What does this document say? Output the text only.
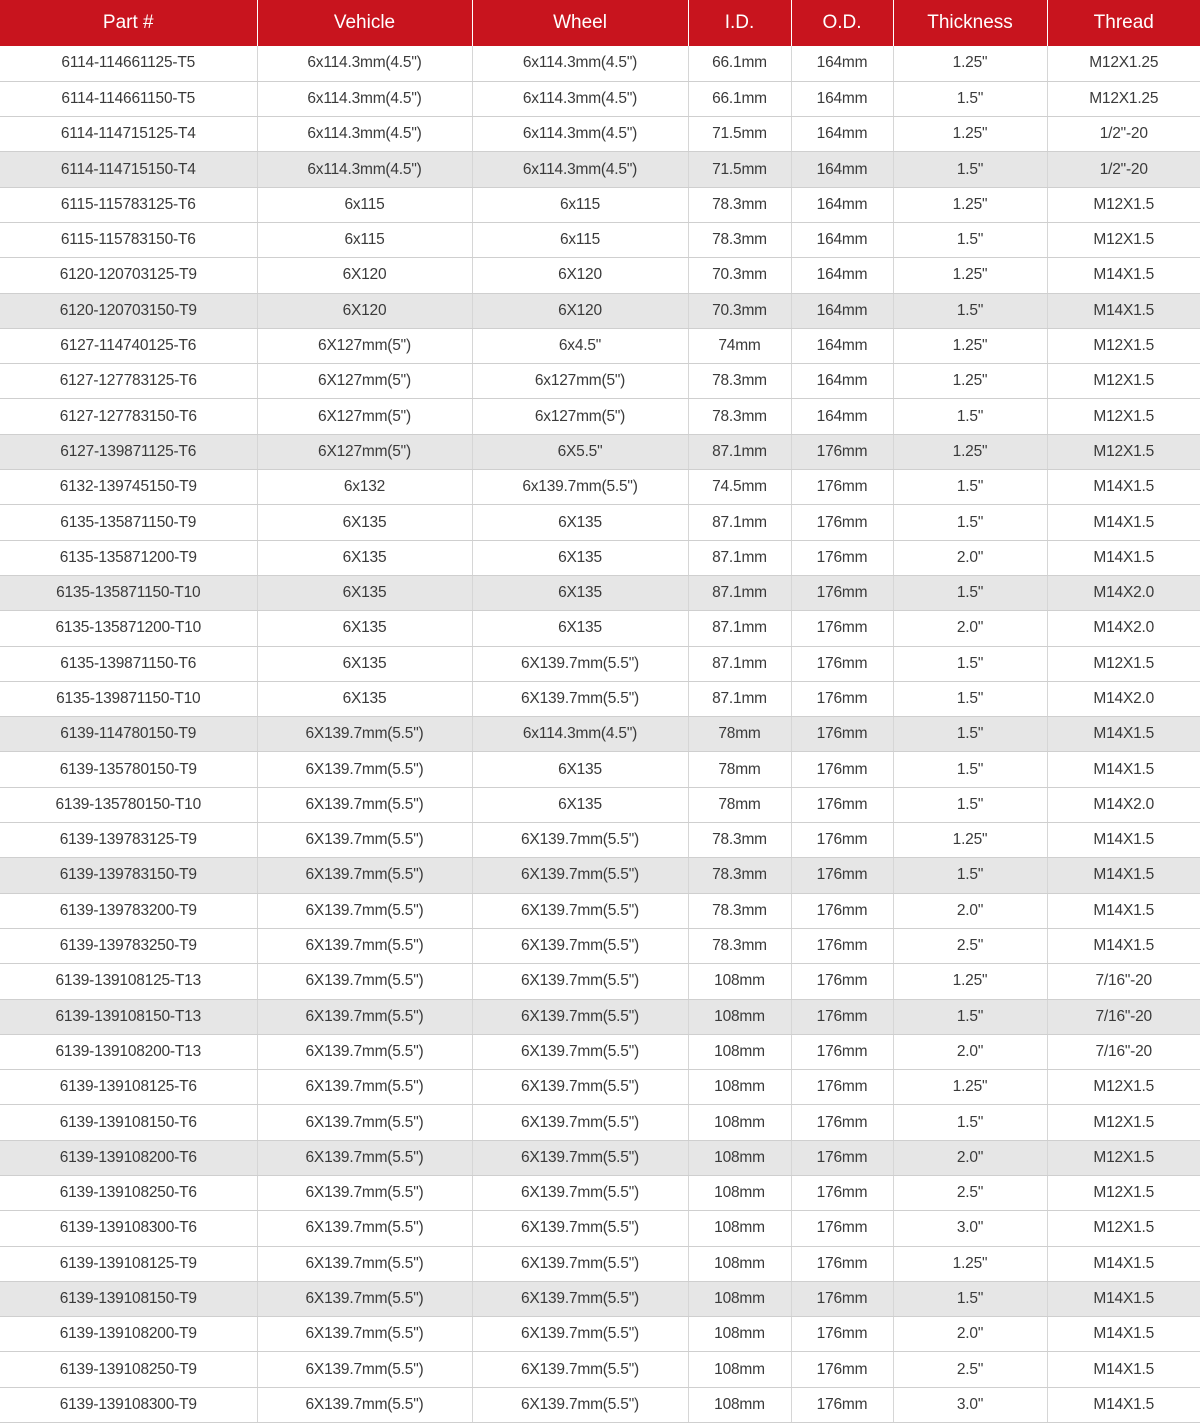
Part #	Vehicle	Wheel	I.D.	O.D.	Thickness	Thread
6114-114661125-T5	6x114.3mm(4.5")	6x114.3mm(4.5")	66.1mm	164mm	1.25"	M12X1.25
6114-114661150-T5	6x114.3mm(4.5")	6x114.3mm(4.5")	66.1mm	164mm	1.5"	M12X1.25
6114-114715125-T4	6x114.3mm(4.5")	6x114.3mm(4.5")	71.5mm	164mm	1.25"	1/2"-20
6114-114715150-T4	6x114.3mm(4.5")	6x114.3mm(4.5")	71.5mm	164mm	1.5"	1/2"-20
6115-115783125-T6	6x115	6x115	78.3mm	164mm	1.25"	M12X1.5
6115-115783150-T6	6x115	6x115	78.3mm	164mm	1.5"	M12X1.5
6120-120703125-T9	6X120	6X120	70.3mm	164mm	1.25"	M14X1.5
6120-120703150-T9	6X120	6X120	70.3mm	164mm	1.5"	M14X1.5
6127-114740125-T6	6X127mm(5")	6x4.5"	74mm	164mm	1.25"	M12X1.5
6127-127783125-T6	6X127mm(5")	6x127mm(5")	78.3mm	164mm	1.25"	M12X1.5
6127-127783150-T6	6X127mm(5")	6x127mm(5")	78.3mm	164mm	1.5"	M12X1.5
6127-139871125-T6	6X127mm(5")	6X5.5"	87.1mm	176mm	1.25"	M12X1.5
6132-139745150-T9	6x132	6x139.7mm(5.5")	74.5mm	176mm	1.5"	M14X1.5
6135-135871150-T9	6X135	6X135	87.1mm	176mm	1.5"	M14X1.5
6135-135871200-T9	6X135	6X135	87.1mm	176mm	2.0"	M14X1.5
6135-135871150-T10	6X135	6X135	87.1mm	176mm	1.5"	M14X2.0
6135-135871200-T10	6X135	6X135	87.1mm	176mm	2.0"	M14X2.0
6135-139871150-T6	6X135	6X139.7mm(5.5")	87.1mm	176mm	1.5"	M12X1.5
6135-139871150-T10	6X135	6X139.7mm(5.5")	87.1mm	176mm	1.5"	M14X2.0
6139-114780150-T9	6X139.7mm(5.5")	6x114.3mm(4.5")	78mm	176mm	1.5"	M14X1.5
6139-135780150-T9	6X139.7mm(5.5")	6X135	78mm	176mm	1.5"	M14X1.5
6139-135780150-T10	6X139.7mm(5.5")	6X135	78mm	176mm	1.5"	M14X2.0
6139-139783125-T9	6X139.7mm(5.5")	6X139.7mm(5.5")	78.3mm	176mm	1.25"	M14X1.5
6139-139783150-T9	6X139.7mm(5.5")	6X139.7mm(5.5")	78.3mm	176mm	1.5"	M14X1.5
6139-139783200-T9	6X139.7mm(5.5")	6X139.7mm(5.5")	78.3mm	176mm	2.0"	M14X1.5
6139-139783250-T9	6X139.7mm(5.5")	6X139.7mm(5.5")	78.3mm	176mm	2.5"	M14X1.5
6139-139108125-T13	6X139.7mm(5.5")	6X139.7mm(5.5")	108mm	176mm	1.25"	7/16"-20
6139-139108150-T13	6X139.7mm(5.5")	6X139.7mm(5.5")	108mm	176mm	1.5"	7/16"-20
6139-139108200-T13	6X139.7mm(5.5")	6X139.7mm(5.5")	108mm	176mm	2.0"	7/16"-20
6139-139108125-T6	6X139.7mm(5.5")	6X139.7mm(5.5")	108mm	176mm	1.25"	M12X1.5
6139-139108150-T6	6X139.7mm(5.5")	6X139.7mm(5.5")	108mm	176mm	1.5"	M12X1.5
6139-139108200-T6	6X139.7mm(5.5")	6X139.7mm(5.5")	108mm	176mm	2.0"	M12X1.5
6139-139108250-T6	6X139.7mm(5.5")	6X139.7mm(5.5")	108mm	176mm	2.5"	M12X1.5
6139-139108300-T6	6X139.7mm(5.5")	6X139.7mm(5.5")	108mm	176mm	3.0"	M12X1.5
6139-139108125-T9	6X139.7mm(5.5")	6X139.7mm(5.5")	108mm	176mm	1.25"	M14X1.5
6139-139108150-T9	6X139.7mm(5.5")	6X139.7mm(5.5")	108mm	176mm	1.5"	M14X1.5
6139-139108200-T9	6X139.7mm(5.5")	6X139.7mm(5.5")	108mm	176mm	2.0"	M14X1.5
6139-139108250-T9	6X139.7mm(5.5")	6X139.7mm(5.5")	108mm	176mm	2.5"	M14X1.5
6139-139108300-T9	6X139.7mm(5.5")	6X139.7mm(5.5")	108mm	176mm	3.0"	M14X1.5
